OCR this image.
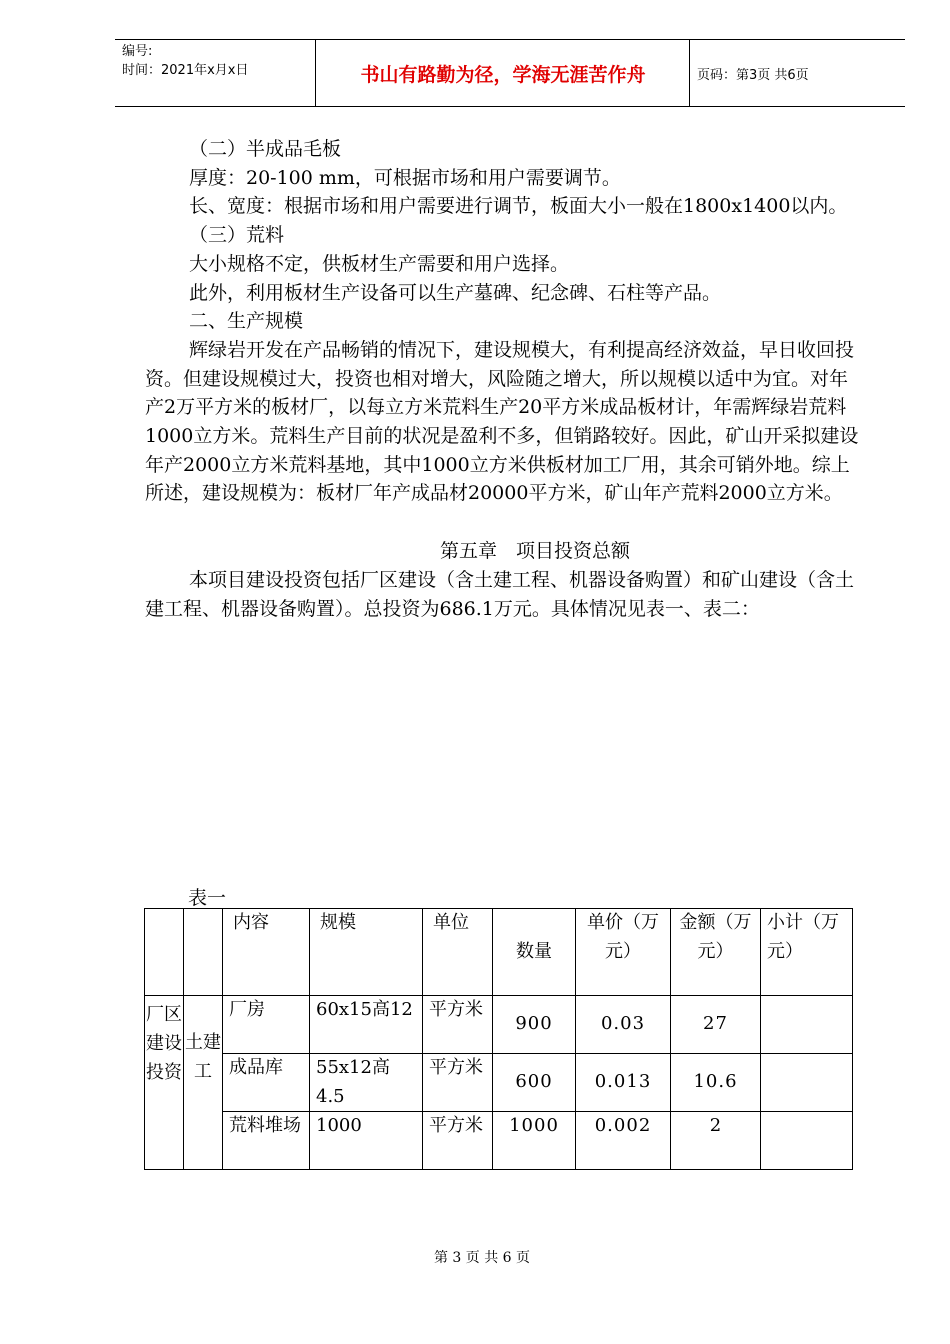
编号:
时间：2021年x月x日	书山有路勤为径，学海无涯苦作舟	页码：第3页 共6页

（二）半成品毛板

厚度：20-100 mm，可根据市场和用户需要调节。

长、宽度：根据市场和用户需要进行调节，板面大小一般在1800x1400以内。

（三）荒料

大小规格不定，供板材生产需要和用户选择。

此外，利用板材生产设备可以生产墓碑、纪念碑、石柱等产品。

二、生产规模

辉绿岩开发在产品畅销的情况下，建设规模大，有利提高经济效益，早日收回投资。但建设规模过大，投资也相对增大，风险随之增大，所以规模以适中为宜。对年产2万平方米的板材厂，以每立方米荒料生产20平方米成品板材计，年需辉绿岩荒料1000立方米。荒料生产目前的状况是盈利不多，但销路较好。因此，矿山开采拟建设年产2000立方米荒料基地，其中1000立方米供板材加工厂用，其余可销外地。综上所述，建设规模为：板材厂年产成品材20000平方米，矿山年产荒料2000立方米。

第五章　项目投资总额

本项目建设投资包括厂区建设（含土建工程、机器设备购置）和矿山建设（含土建工程、机器设备购置）。总投资为686.1万元。具体情况见表一、表二：

表一
		内容	规模	单位	数量	单价（万元）	金额（万元）	小计（万元）
厂区建设投资	土建工	厂房	60x15高12	平方米	900	0.03	27	
		成品库	55x12高4.5	平方米	600	0.013	10.6	
		荒料堆场	1000	平方米	1000	0.002	2	
第 3 页 共 6 页
